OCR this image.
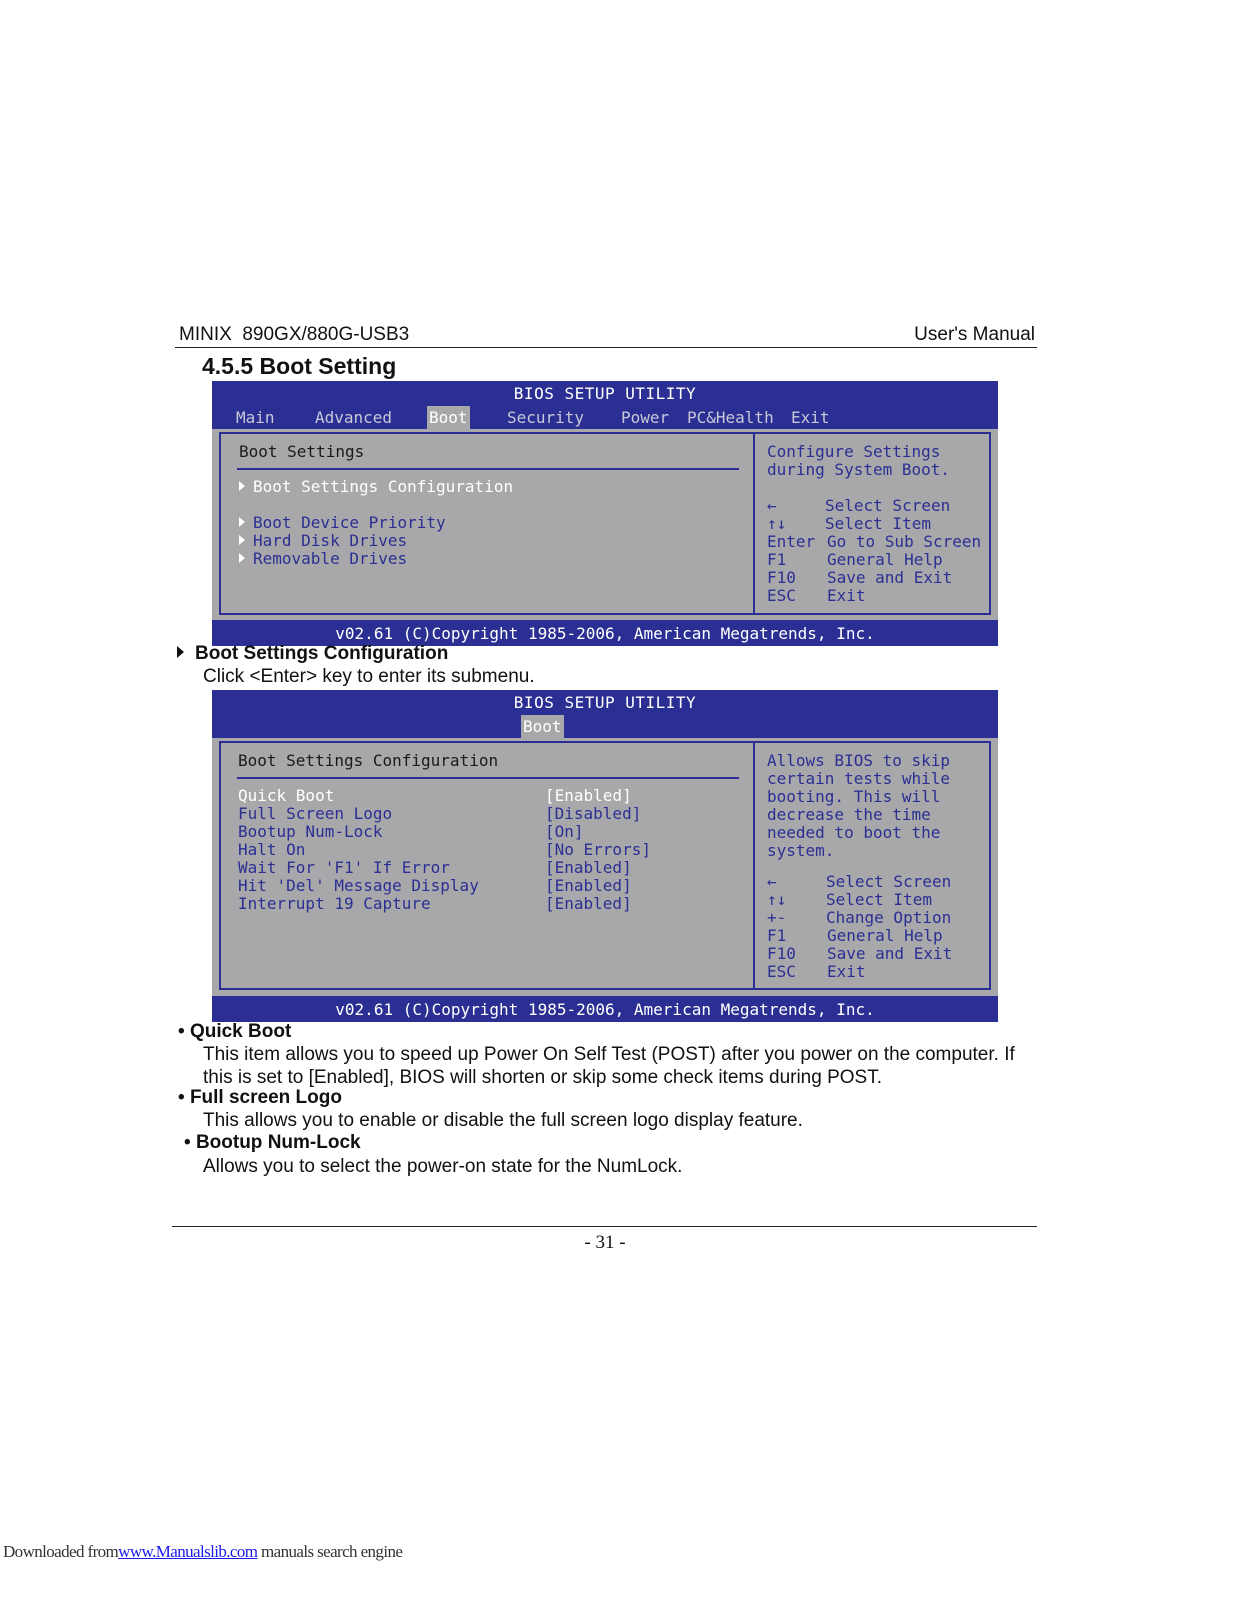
MINIX  890GX/880G-USB3	User's Manual
4.5.5 Boot Setting
BIOS SETUP UTILITY
Main	Advanced Boot Security Power PC&Health Exit
Boot Settings
Boot Settings Configuration
Boot Device Priority
Hard Disk Drives
Removable Drives
Configure Settings
during System Boot.
←	Select Screen
↑↓ Select Item
Enter Go to Sub Screen
F1	General Help
F10 Save and Exit
ESC Exit
v02.61 (C)Copyright 1985-2006, American Megatrends, Inc.
Boot Settings Configuration
Click <Enter> key to enter its submenu.
BIOS SETUP UTILITY
Boot
Boot Settings Configuration
Quick Boot	[Enabled]
Full Screen Logo	[Disabled]
Bootup Num-Lock	[On]
Halt On	[No Errors]
Wait For 'F1' If Error	[Enabled]
Hit 'Del' Message Display	[Enabled]
Interrupt 19 Capture	[Enabled]
Allows BIOS to skip
certain tests while
booting. This will
decrease the time
needed to boot the
system.
←	Select Screen
↑↓ Select Item
+- Change Option
F1	General Help
F10 Save and Exit
ESC Exit
v02.61 (C)Copyright 1985-2006, American Megatrends, Inc.
• Quick Boot
This item allows you to speed up Power On Self Test (POST) after you power on the computer. If
this is set to [Enabled], BIOS will shorten or skip some check items during POST.
• Full screen Logo
This allows you to enable or disable the full screen logo display feature.
• Bootup Num-Lock
Allows you to select the power-on state for the NumLock.
- 31 -
Downloaded fromwww.Manualslib.com manuals search engine
